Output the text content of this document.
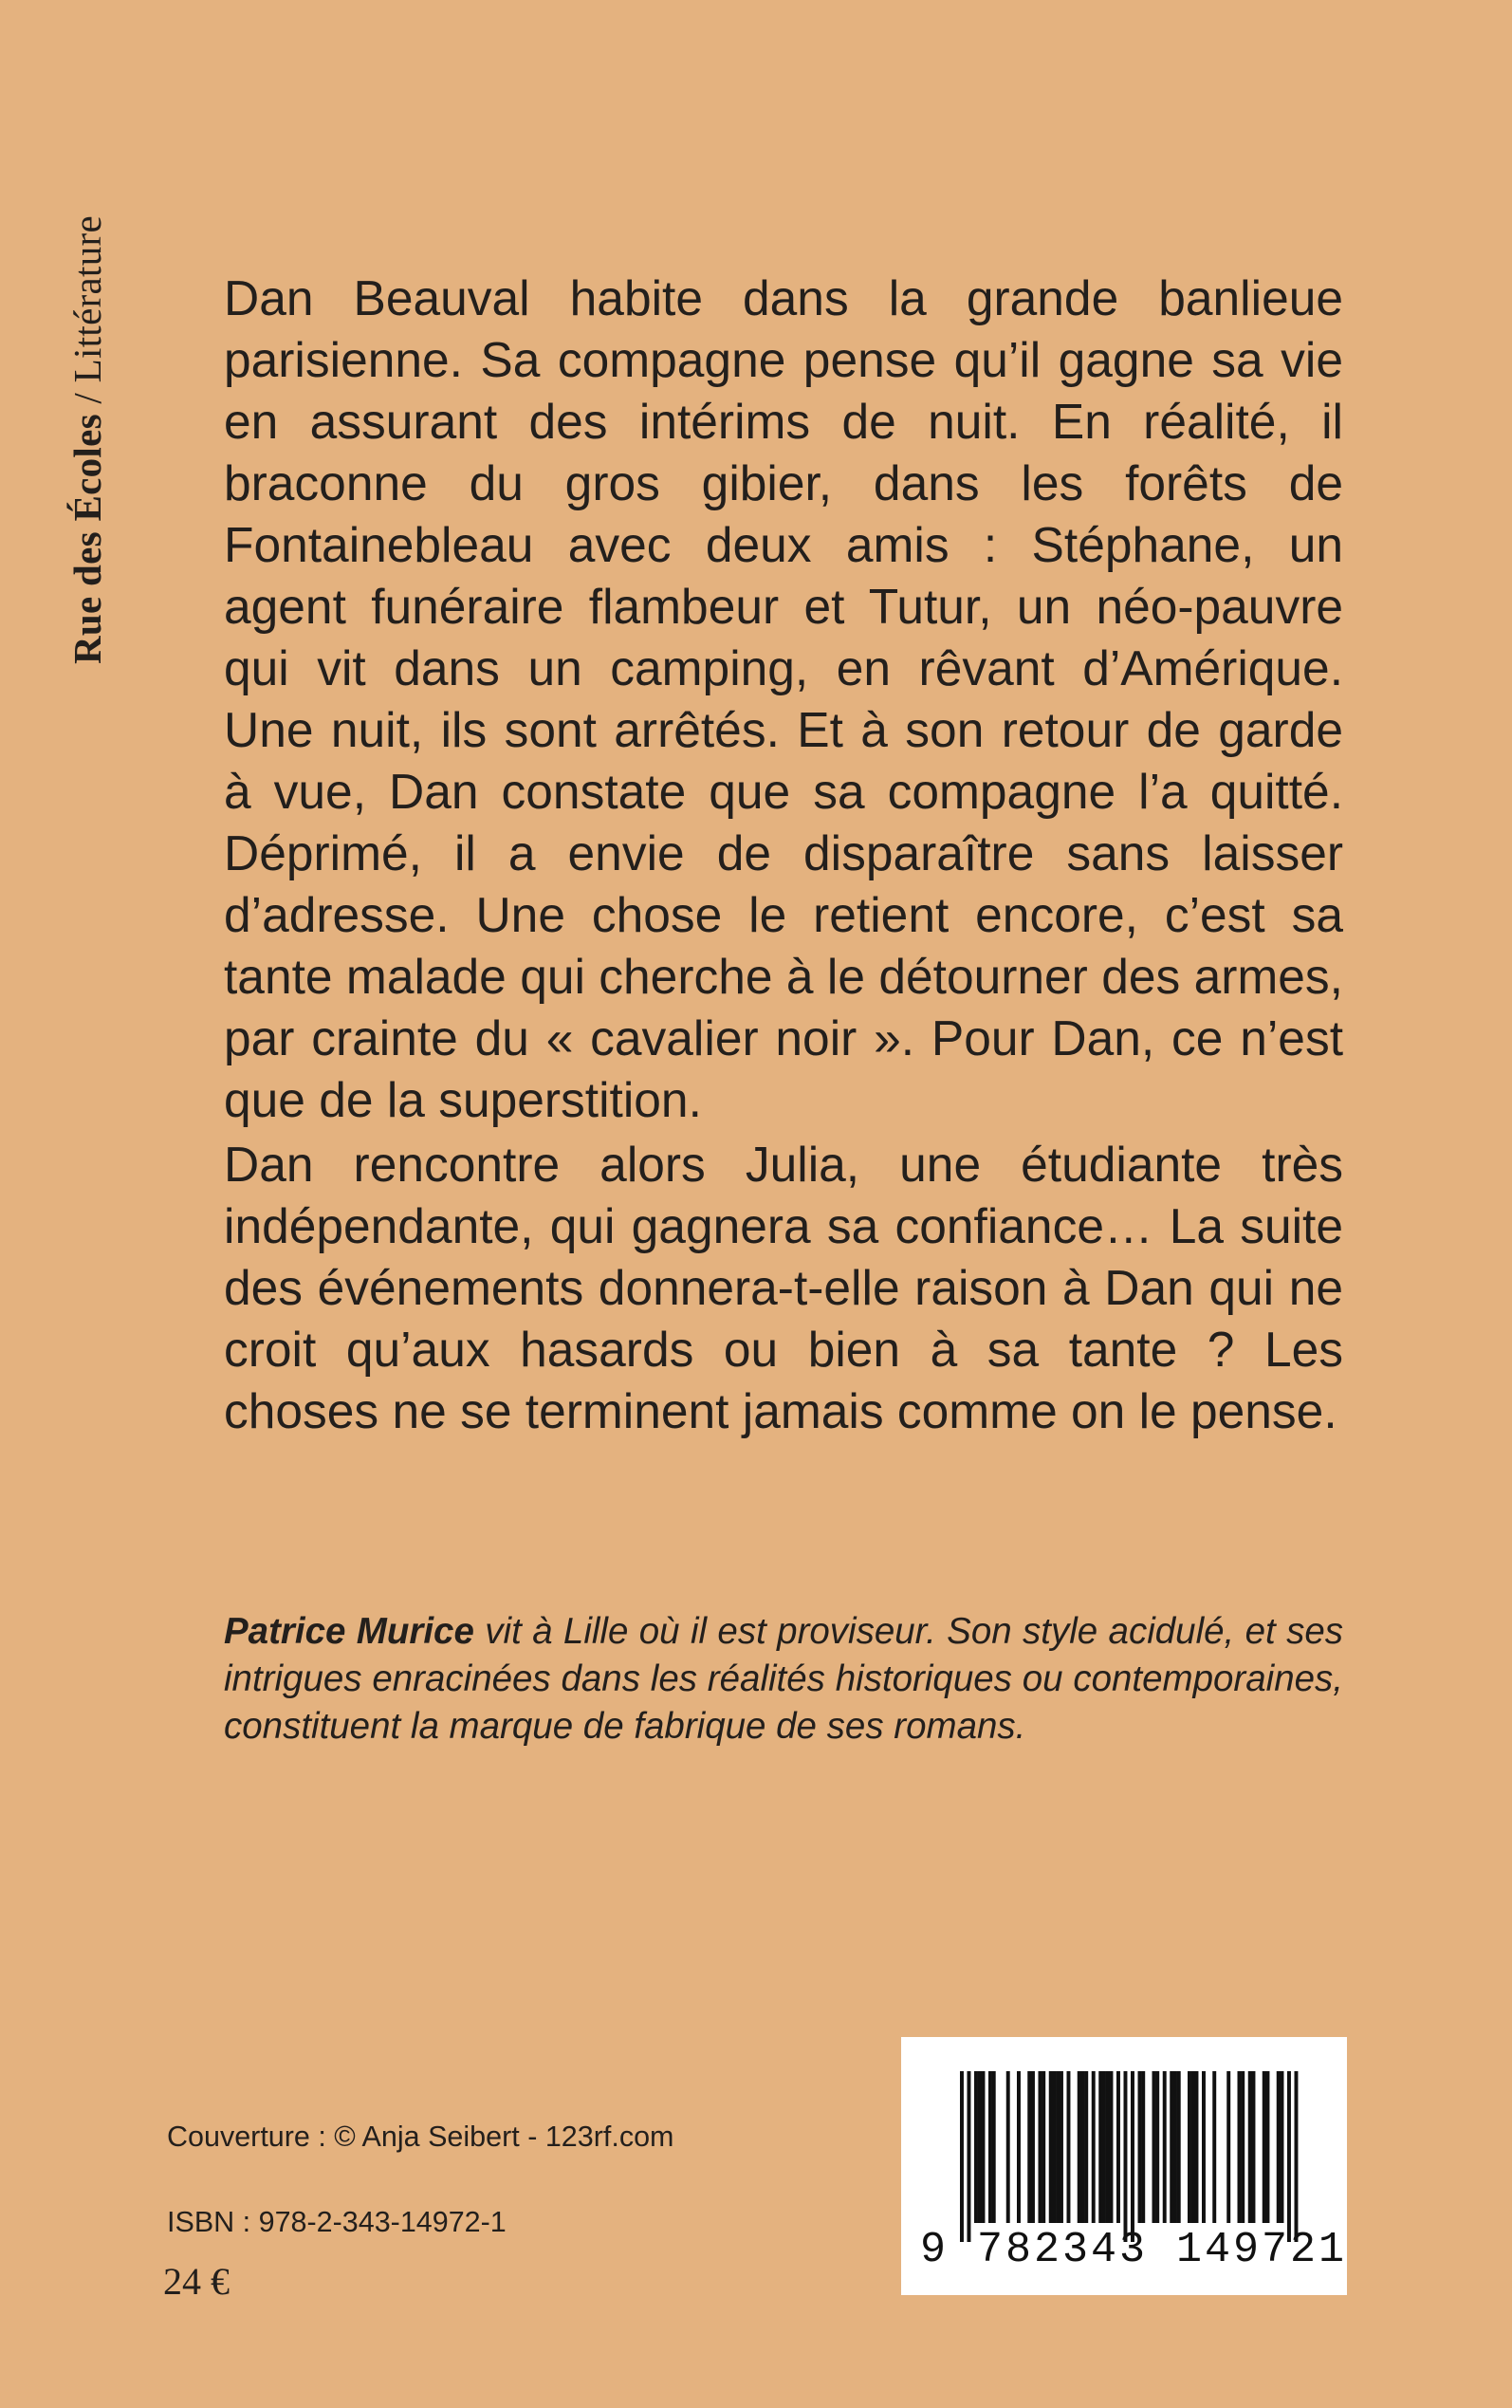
Rue des Écoles / Littérature Dan Beauval habite dans la grande banlieue parisienne. Sa compagne pense qu’il gagne sa vie en assurant des intérims de nuit. En réalité, il braconne du gros gibier, dans les forêts de Fontainebleau avec deux amis : Stéphane, un agent funéraire flambeur et Tutur, un néo-pauvre qui vit dans un camping, en rêvant d’Amérique. Une nuit, ils sont arrêtés. Et à son retour de garde à vue, Dan constate que sa compagne l’a quitté. Déprimé, il a envie de disparaître sans laisser d’adresse. Une chose le retient encore, c’est sa tante malade qui cherche à le détourner des armes, par crainte du « cavalier noir ». Pour Dan, ce n’est que de la superstition.

Dan rencontre alors Julia, une étudiante très indépendante, qui gagnera sa confiance… La suite des événements donnera-t-elle raison à Dan qui ne croit qu’aux hasards ou bien à sa tante ? Les choses ne se terminent jamais comme on le pense.

Patrice Murice vit à Lille où il est proviseur. Son style acidulé, et ses intrigues enracinées dans les réalités historiques ou contemporaines, constituent la marque de fabrique de ses romans.

Couverture : © Anja Seibert - 123rf.com
ISBN : 978-2-343-14972-1
24 €
9 782343 149721
